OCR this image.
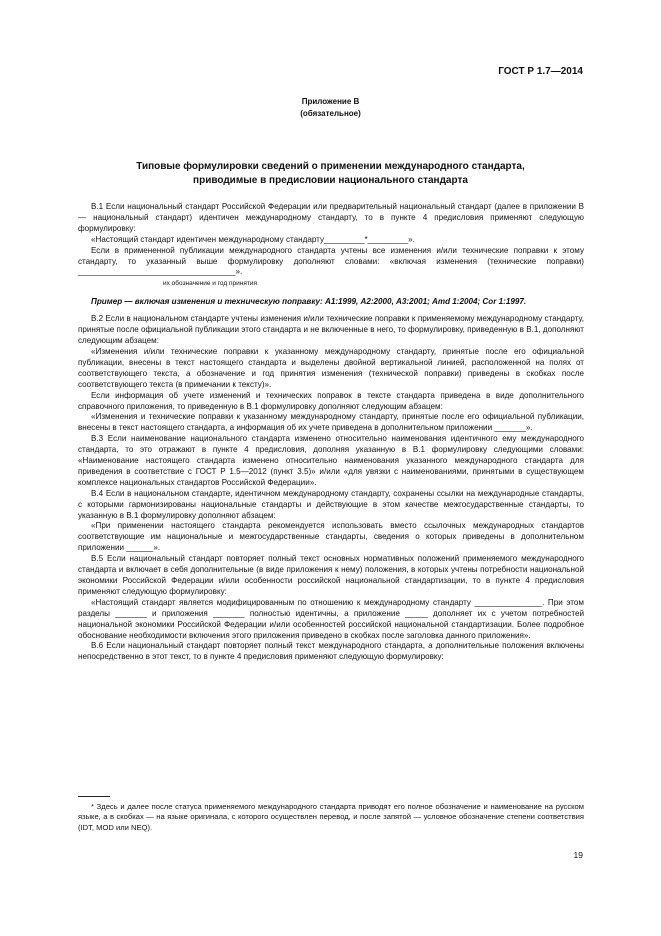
ГОСТ Р 1.7—2014
Приложение В
(обязательное)
Типовые формулировки сведений о применении международного стандарта,
приводимые в предисловии национального стандарта

В.1 Если национальный стандарт Российской Федерации или предварительный национальный стандарт (далее в приложении В — национальный стандарт) идентичен международному стандарту, то в пункте 4 предисловия применяют следующую формулировку:

«Настоящий стандарт идентичен международному стандарту_________*_________».

Если в примененной публикации международного стандарта учтены все изменения и/или технические поправки к этому стандарту, то указанный выше формулировку дополняют словами: «включая изменения (технические поправки) ___________________________________».

их обозначение и год принятия

Пример — включая изменения и техническую поправку: А1:1999, А2:2000, А3:2001; Amd 1:2004; Cor 1:1997.

В.2 Если в национальном стандарте учтены изменения и/или технические поправки к применяемому международному стандарту, принятые после официальной публикации этого стандарта и не включенные в него, то формулировку, приведенную в В.1, дополняют следующим абзацем:

«Изменения и/или технические поправки к указанному международному стандарту, принятые после его официальной публикации, внесены в текст настоящего стандарта и выделены двойной вертикальной линией, расположенной на полях от соответствующего текста, а обозначение и год принятия изменения (технической поправки) приведены в скобках после соответствующего текста (в примечании к тексту)».

Если информация об учете изменений и технических поправок в тексте стандарта приведена в виде дополнительного справочного приложения, то приведенную в В.1 формулировку дополняют следующим абзацем:

«Изменения и технические поправки к указанному международному стандарту, принятые после его официальной публикации, внесены в текст настоящего стандарта, а информация об их учете приведена в дополнительном приложении _______».

В.3 Если наименование национального стандарта изменено относительно наименования идентичного ему международного стандарта, то это отражают в пункте 4 предисловия, дополняя указанную в В.1 формулировку следующими словами: «Наименование настоящего стандарта изменено относительно наименования указанного международного стандарта для приведения в соответствие с ГОСТ Р 1.5—2012 (пункт 3.5)» и/или «для увязки с наименованиями, принятыми в существующем комплексе национальных стандартов Российской Федерации».

В.4 Если в национальном стандарте, идентичном международному стандарту, сохранены ссылки на международные стандарты, с которыми гармонизированы национальные стандарты и действующие в этом качестве межгосударственные стандарты, то указанную в В.1 формулировку дополняют абзацем:

«При применении настоящего стандарта рекомендуется использовать вместо ссылочных международных стандартов соответствующие им национальные и межгосударственные стандарты, сведения о которых приведены в дополнительном приложении ______».

В.5 Если национальный стандарт повторяет полный текст основных нормативных положений применяемого международного стандарта и включает в себя дополнительные (в виде приложения к нему) положения, в которых учтены потребности национальной экономики Российской Федерации и/или особенности российской национальной стандартизации, то в пункте 4 предисловия применяют следующую формулировку:

«Настоящий стандарт является модифицированным по отношению к международному стандарту _______________. При этом разделы _______ и приложения _______ полностью идентичны, а приложение _____ дополняет их с учетом потребностей национальной экономики Российской Федерации и/или особенностей российской национальной стандартизации. Более подробное обоснование необходимости включения этого приложения приведено в скобках после заголовка данного приложения».

В.6 Если национальный стандарт повторяет полный текст международного стандарта, а дополнительные положения включены непосредственно в этот текст, то в пункте 4 предисловия применяют следующую формулировку:

* Здесь и далее после статуса применяемого международного стандарта приводят его полное обозначение и наименование на русском языке, а в скобках — на языке оригинала, с которого осуществлен перевод, и после запятой — условное обозначение степени соответствия (IDT, MOD или NEQ).
19
